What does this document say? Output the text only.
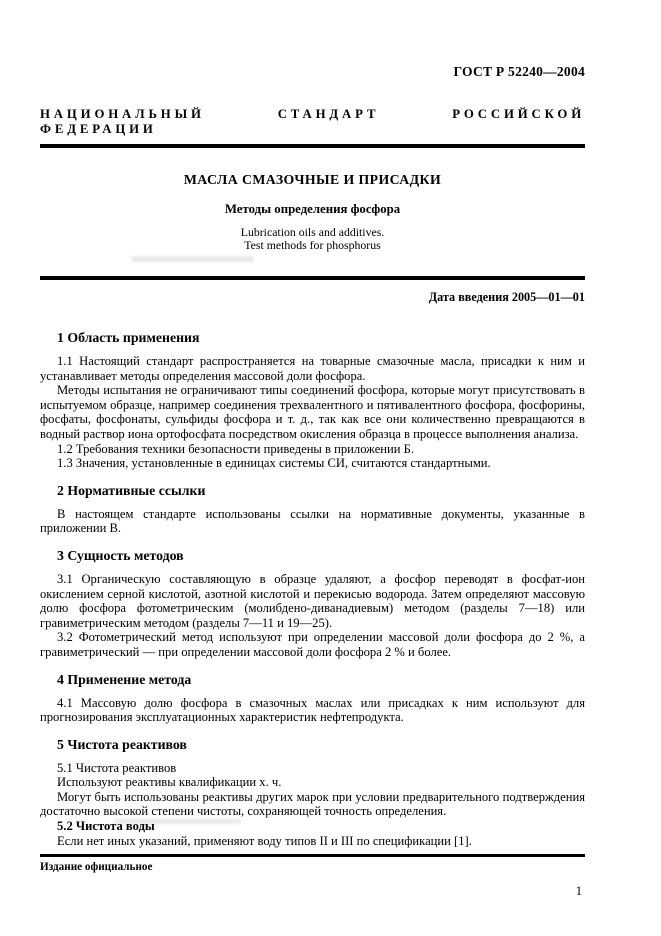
ГОСТ Р 52240—2004
НАЦИОНАЛЬНЫЙ СТАНДАРТ РОССИЙСКОЙ ФЕДЕРАЦИИ
МАСЛА СМАЗОЧНЫЕ И ПРИСАДКИ
Методы определения фосфора
Lubrication oils and additives.
Test methods for phosphorus
Дата введения 2005—01—01
1 Область применения

1.1 Настоящий стандарт распространяется на товарные смазочные масла, присадки к ним и устанавливает методы определения массовой доли фосфора.

Методы испытания не ограничивают типы соединений фосфора, которые могут присутствовать в испытуемом образце, например соединения трехвалентного и пятивалентного фосфора, фосфорины, фосфаты, фосфонаты, сульфиды фосфора и т. д., так как все они количественно превращаются в водный раствор иона ортофосфата посредством окисления образца в процессе выполнения анализа.

1.2 Требования техники безопасности приведены в приложении Б.

1.3 Значения, установленные в единицах системы СИ, считаются стандартными.

2 Нормативные ссылки

В настоящем стандарте использованы ссылки на нормативные документы, указанные в приложении В.

3 Сущность методов

3.1 Органическую составляющую в образце удаляют, а фосфор переводят в фосфат-ион окислением серной кислотой, азотной кислотой и перекисью водорода. Затем определяют массовую долю фосфора фотометрическим (молибдено-диванадиевым) методом (разделы 7—18) или гравиметрическим методом (разделы 7—11 и 19—25).

3.2 Фотометрический метод используют при определении массовой доли фосфора до 2 %, а гравиметрический — при определении массовой доли фосфора 2 % и более.

4 Применение метода

4.1 Массовую долю фосфора в смазочных маслах или присадках к ним используют для прогнозирования эксплуатационных характеристик нефтепродукта.

5 Чистота реактивов

5.1 Чистота реактивов

Используют реактивы квалификации х. ч.

Могут быть использованы реактивы других марок при условии предварительного подтверждения достаточно высокой степени чистоты, сохраняющей точность определения.

5.2 Чистота воды

Если нет иных указаний, применяют воду типов II и III по спецификации [1].

Издание официальное
1
